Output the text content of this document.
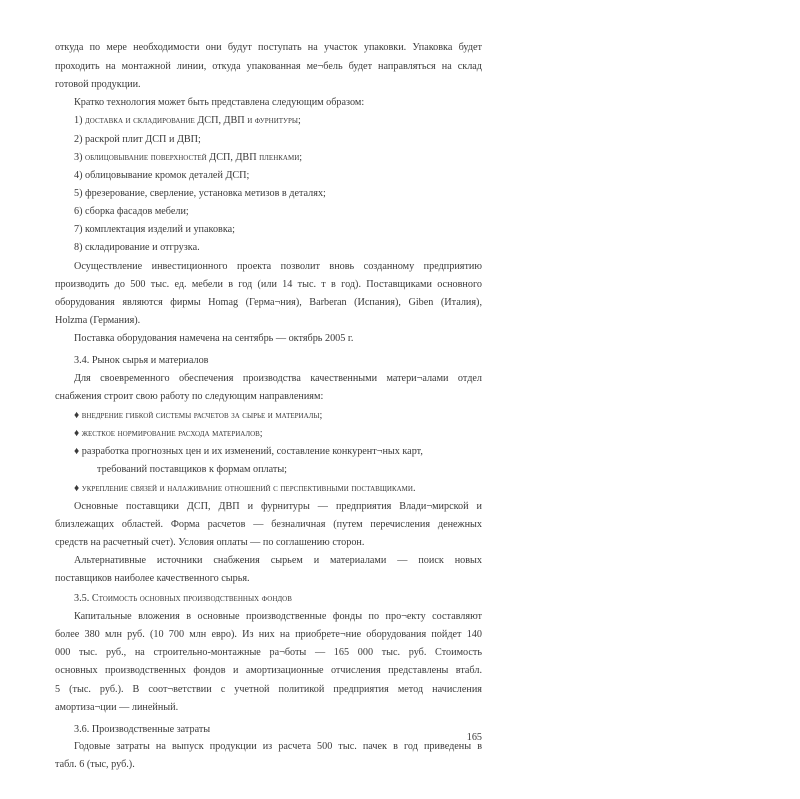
откуда по мере необходимости они будут поступать на участок упаковки. Упаковка будет
проходить на монтажной линии, откуда упакованная ме¬бель будет направляться на склад
готовой продукции.
Кратко технология может быть представлена следующим образом:
1) доставка и складирование ДСП, ДВП и фурнитуры;
2) раскрой плит ДСП и ДВП;
3) облицовывание поверхностей ДСП, ДВП пленками;
4) облицовывание кромок деталей ДСП;
5) фрезерование, сверление, установка метизов в деталях;
6) сборка фасадов мебели;
7) комплектация изделий и упаковка;
8) складирование и отгрузка.
Осуществление инвестиционного проекта позволит вновь созданному предприятию
производить до 500 тыс. ед. мебели в год (или 14 тыс. т в год). Поставщиками основного
оборудования являются фирмы Homag (Герма¬ния), Barberan (Испания), Giben (Италия),
Holzma (Германия).
Поставка оборудования намечена на сентябрь — октябрь 2005 г.
3.4. Рынок сырья и материалов
Для своевременного обеспечения производства качественными матери¬алами отдел
снабжения строит свою работу по следующим направлениям:
♦ внедрение гибкой системы расчетов за сырье и материалы;
♦ жесткое нормирование расхода материалов;
♦ разработка прогнозных цен и их изменений, составление конкурент¬ных карт,
требований поставщиков к формам оплаты;
♦ укрепление связей и налаживание отношений с перспективными поставщиками.
Основные поставщики ДСП, ДВП и фурнитуры — предприятия Влади¬мирской и
близлежащих областей. Форма расчетов — безналичная (путем перечисления денежных
средств на расчетный счет). Условия оплаты — по соглашению сторон.
Альтернативные источники снабжения сырьем и материалами — поиск новых
поставщиков наиболее качественного сырья.
3.5. Стоимость основных производственных фондов
Капитальные вложения в основные производственные фонды по про¬екту составляют
более 380 млн руб. (10 700 млн евро). Из них на приобрете¬ние оборудования пойдет 140
000 тыс. руб., на строительно-монтажные ра¬боты — 165 000 тыс. руб. Стоимость
основных производственных фондов и амортизационные отчисления представлены втабл.
5 (тыс. руб.). В соот¬ветствии с учетной политикой предприятия метод начисления
амортиза¬ции — линейный.
3.6. Производственные затраты
165
Годовые затраты на выпуск продукции из расчета 500 тыс. пачек в год приведены в
табл. 6 (тыс, руб.).
